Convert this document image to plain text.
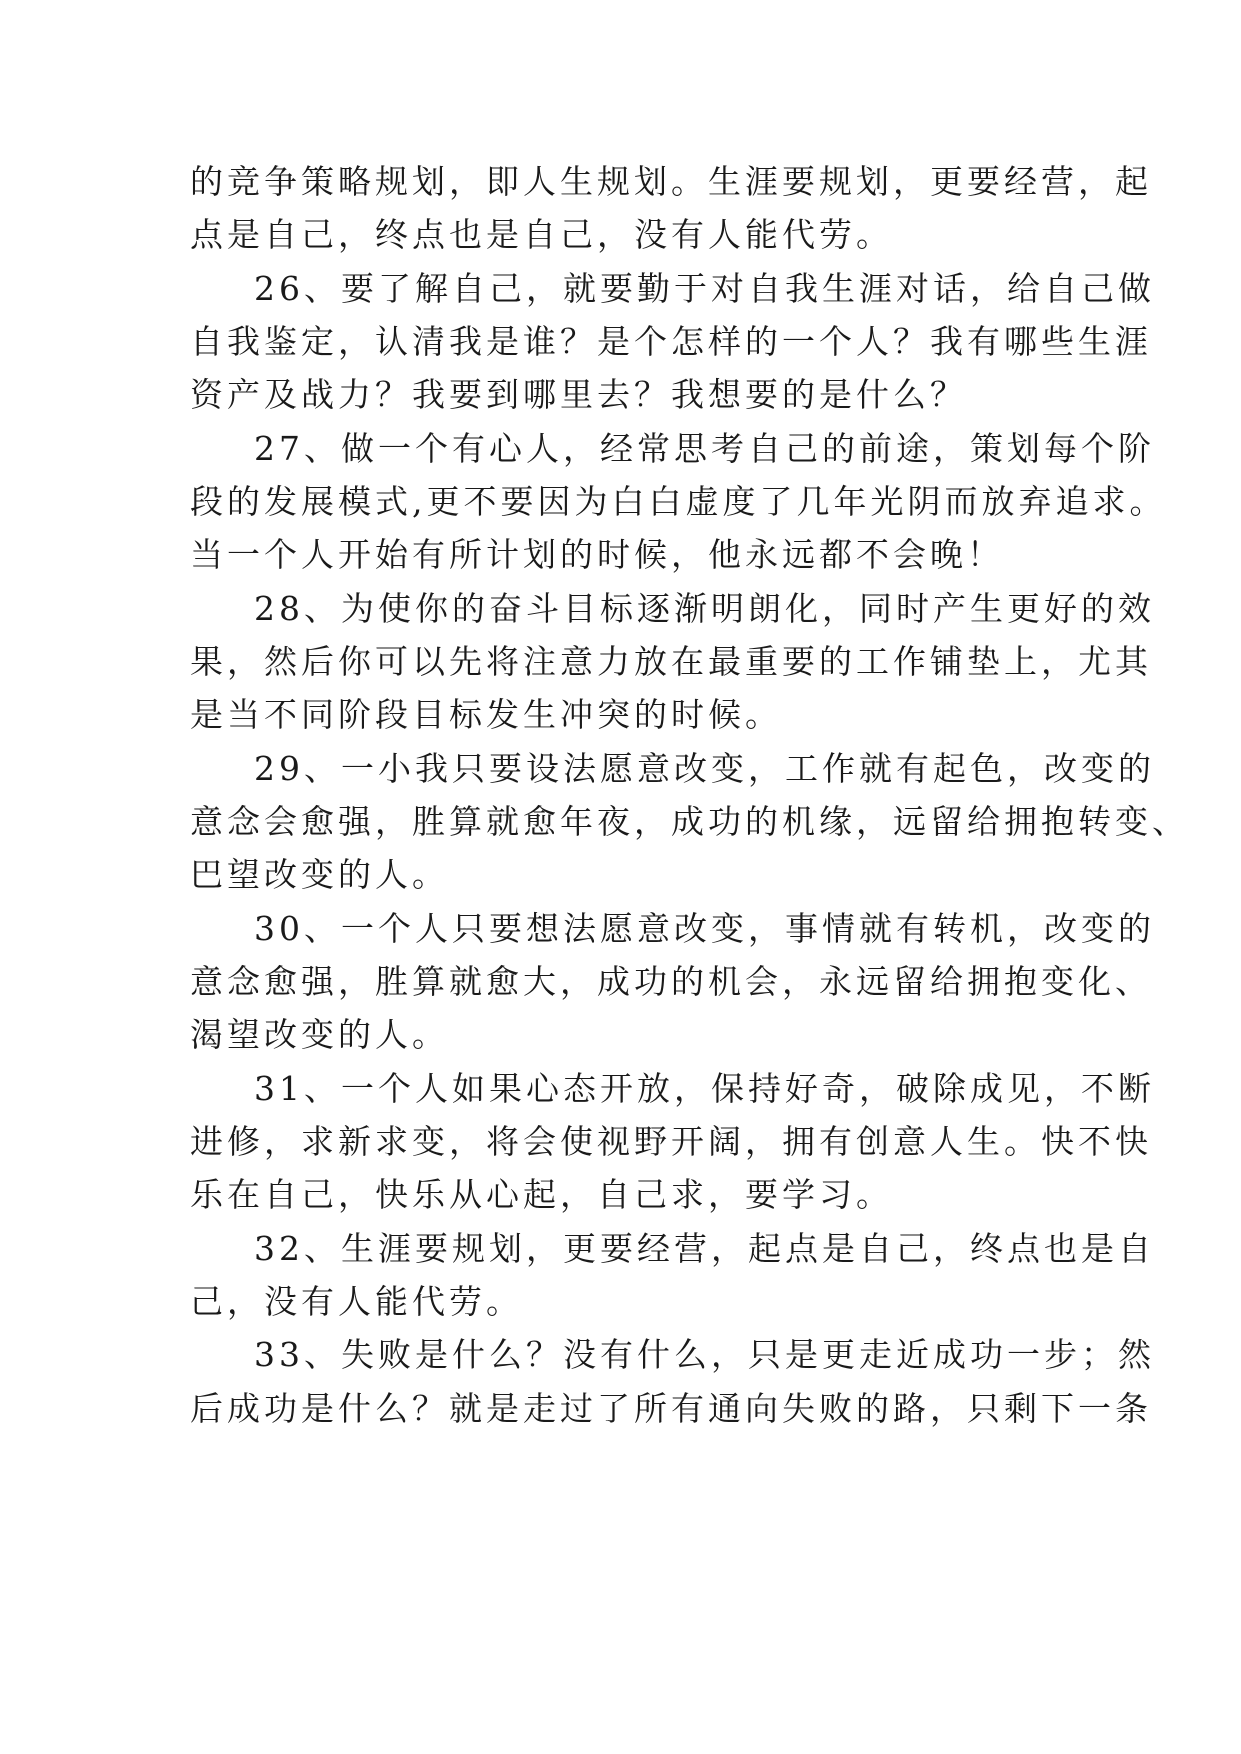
的竞争策略规划，即人生规划。生涯要规划，更要经营，起
点是自己，终点也是自己，没有人能代劳。
26、要了解自己，就要勤于对自我生涯对话，给自己做
自我鉴定，认清我是谁？是个怎样的一个人？我有哪些生涯
资产及战力？我要到哪里去？我想要的是什么？
27、做一个有心人，经常思考自己的前途，策划每个阶
段的发展模式,更不要因为白白虚度了几年光阴而放弃追求。
当一个人开始有所计划的时候，他永远都不会晚！
28、为使你的奋斗目标逐渐明朗化，同时产生更好的效
果，然后你可以先将注意力放在最重要的工作铺垫上，尤其
是当不同阶段目标发生冲突的时候。
29、一小我只要设法愿意改变，工作就有起色，改变的
意念会愈强，胜算就愈年夜，成功的机缘，远留给拥抱转变、
巴望改变的人。
30、一个人只要想法愿意改变，事情就有转机，改变的
意念愈强，胜算就愈大，成功的机会，永远留给拥抱变化、
渴望改变的人。
31、一个人如果心态开放，保持好奇，破除成见，不断
进修，求新求变，将会使视野开阔，拥有创意人生。快不快
乐在自己，快乐从心起，自己求，要学习。
32、生涯要规划，更要经营，起点是自己，终点也是自
己，没有人能代劳。
33、失败是什么？没有什么，只是更走近成功一步；然
后成功是什么？就是走过了所有通向失败的路，只剩下一条
